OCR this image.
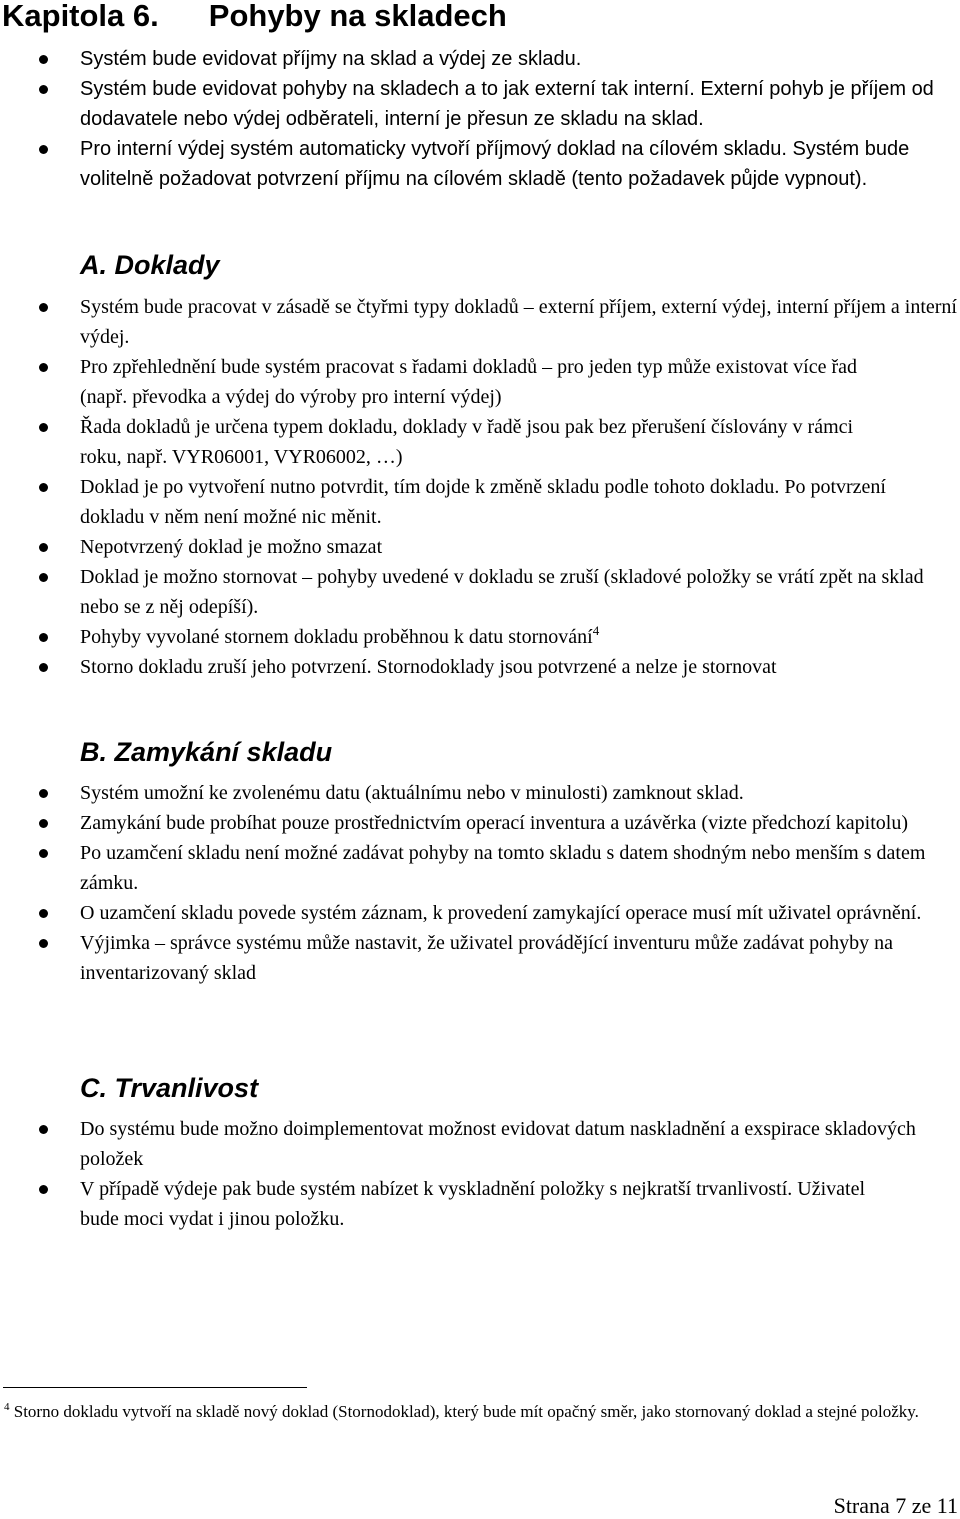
Kapitola 6. Pohyby na skladech
Systém bude evidovat příjmy na sklad a výdej ze skladu.
Systém bude evidovat pohyby na skladech a to jak externí tak interní. Externí pohyb je příjem od dodavatele nebo výdej odběrateli, interní je přesun ze skladu na sklad.
Pro interní výdej systém automaticky vytvoří příjmový doklad na cílovém skladu. Systém bude volitelně požadovat potvrzení příjmu na cílovém skladě (tento požadavek půjde vypnout).
A. Doklady
Systém bude pracovat v zásadě se čtyřmi typy dokladů – externí příjem, externí výdej, interní příjem a interní výdej.
Pro zpřehlednění bude systém pracovat s řadami dokladů – pro jeden typ může existovat více řad (např. převodka a výdej do výroby pro interní výdej)
Řada dokladů je určena typem dokladu, doklady v řadě jsou pak bez přerušení číslovány v rámci roku, např. VYR06001, VYR06002, …)
Doklad je po vytvoření nutno potvrdit, tím dojde k změně skladu podle tohoto dokladu. Po potvrzení dokladu v něm není možné nic měnit.
Nepotvrzený doklad je možno smazat
Doklad je možno stornovat – pohyby uvedené v dokladu se zruší (skladové položky se vrátí zpět na sklad nebo se z něj odepíší).
Pohyby vyvolané stornem dokladu proběhnou k datu stornování$^4$
Storno dokladu zruší jeho potvrzení. Stornodoklady jsou potvrzené a nelze je stornovat
B. Zamykání skladu
Systém umožní ke zvolenému datu (aktuálnímu nebo v minulosti) zamknout sklad.
Zamykání bude probíhat pouze prostřednictvím operací inventura a uzávěrka (vizte předchozí kapitolu)
Po uzamčení skladu není možné zadávat pohyby na tomto skladu s datem shodným nebo menším s datem zámku.
O uzamčení skladu povede systém záznam, k provedení zamykající operace musí mít uživatel oprávnění.
Výjimka – správce systému může nastavit, že uživatel provádějící inventuru může zadávat pohyby na inventarizovaný sklad
C. Trvanlivost
Do systému bude možno doimplementovat možnost evidovat datum naskladnění a exspirace skladových položek
V případě výdeje pak bude systém nabízet k vyskladnění položky s nejkratší trvanlivostí. Uživatel bude moci vydat i jinou položku.

$^4$ Storno dokladu vytvoří na skladě nový doklad (Stornodoklad), který bude mít opačný směr, jako stornovaný doklad a stejné položky.

Strana 7 ze 11
